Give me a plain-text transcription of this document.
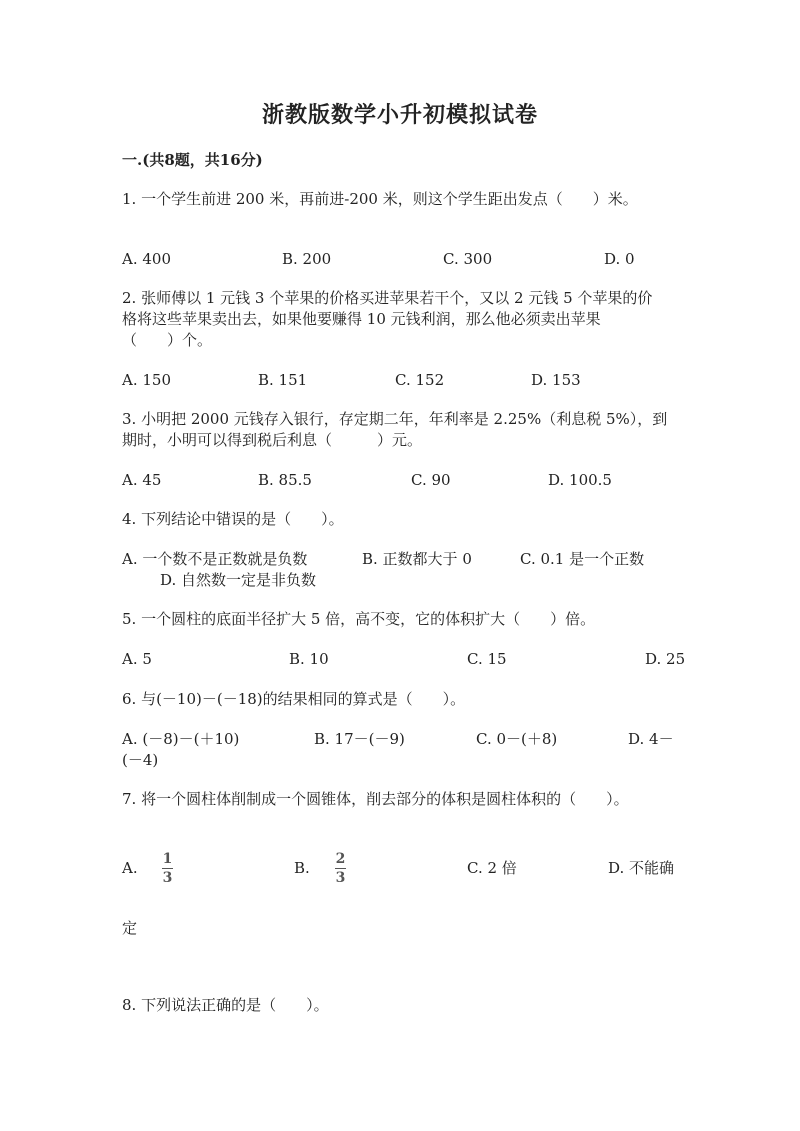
浙教版数学小升初模拟试卷
一.(共8题，共16分)
1. 一个学生前进 200 米，再前进-200 米，则这个学生距出发点（　　）米。
A. 400	B. 200	C. 300	D. 0
2. 张师傅以 1 元钱 3 个苹果的价格买进苹果若干个，又以 2 元钱 5 个苹果的价
格将这些苹果卖出去，如果他要赚得 10 元钱利润，那么他必须卖出苹果
（　　）个。
A. 150	B. 151	C. 152	D. 153
3. 小明把 2000 元钱存入银行，存定期二年，年利率是 2.25%（利息税 5%），到
期时，小明可以得到税后利息（　　　）元。
A. 45	B. 85.5	C. 90	D. 100.5
4. 下列结论中错误的是（　　）。
A. 一个数不是正数就是负数	B. 正数都大于 0	C. 0.1 是一个正数
D. 自然数一定是非负数
5. 一个圆柱的底面半径扩大 5 倍，高不变，它的体积扩大（　　）倍。
A. 5	B. 10	C. 15	D. 25
6. 与(－10)－(－18)的结果相同的算式是（　　）。
A. (－8)－(＋10)	B. 17－(－9)	C. 0－(＋8)	D. 4－
(－4)
7. 将一个圆柱体削制成一个圆锥体，削去部分的体积是圆柱体积的（　　）。
A. 1
3
B. 2
3
C. 2 倍	D. 不能确
定
8. 下列说法正确的是（　　）。
